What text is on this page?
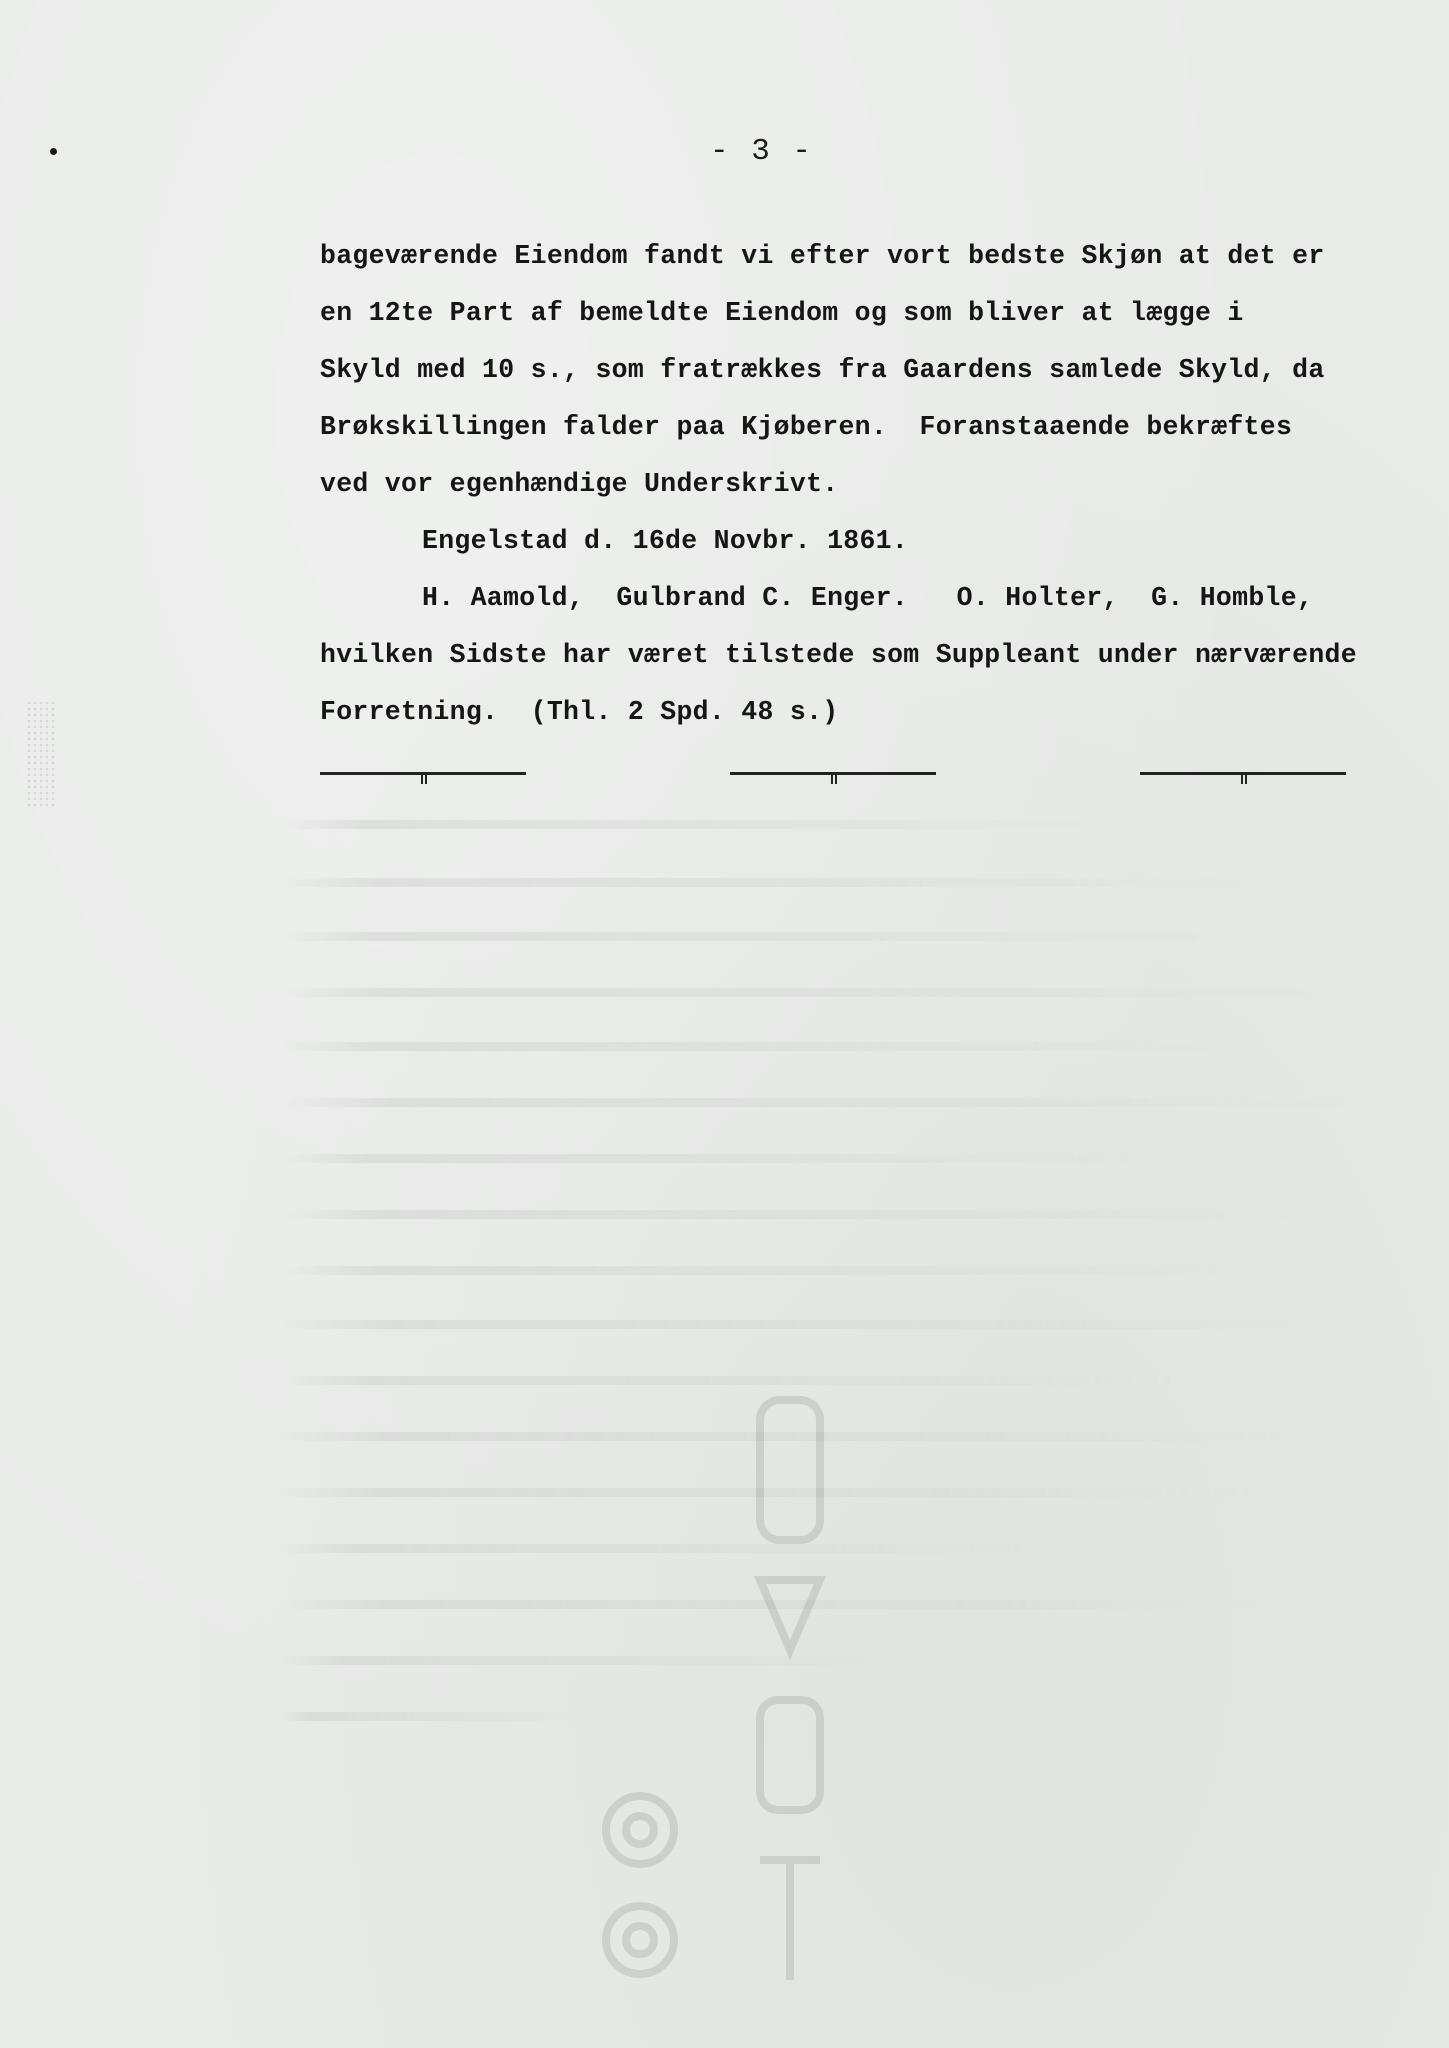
- 3 -
bageværende Eiendom fandt vi efter vort bedste Skjøn at det er
en 12te Part af bemeldte Eiendom og som bliver at lægge i
Skyld med 10 s., som fratrækkes fra Gaardens samlede Skyld, da
Brøkskillingen falder paa Kjøberen.  Foranstaaende bekræftes
ved vor egenhændige Underskrivt.
Engelstad d. 16de Novbr. 1861.
H. Aamold,  Gulbrand C. Enger.   O. Holter,  G. Homble,
hvilken Sidste har været tilstede som Suppleant under nærværende
Forretning.  (Thl. 2 Spd. 48 s.)
